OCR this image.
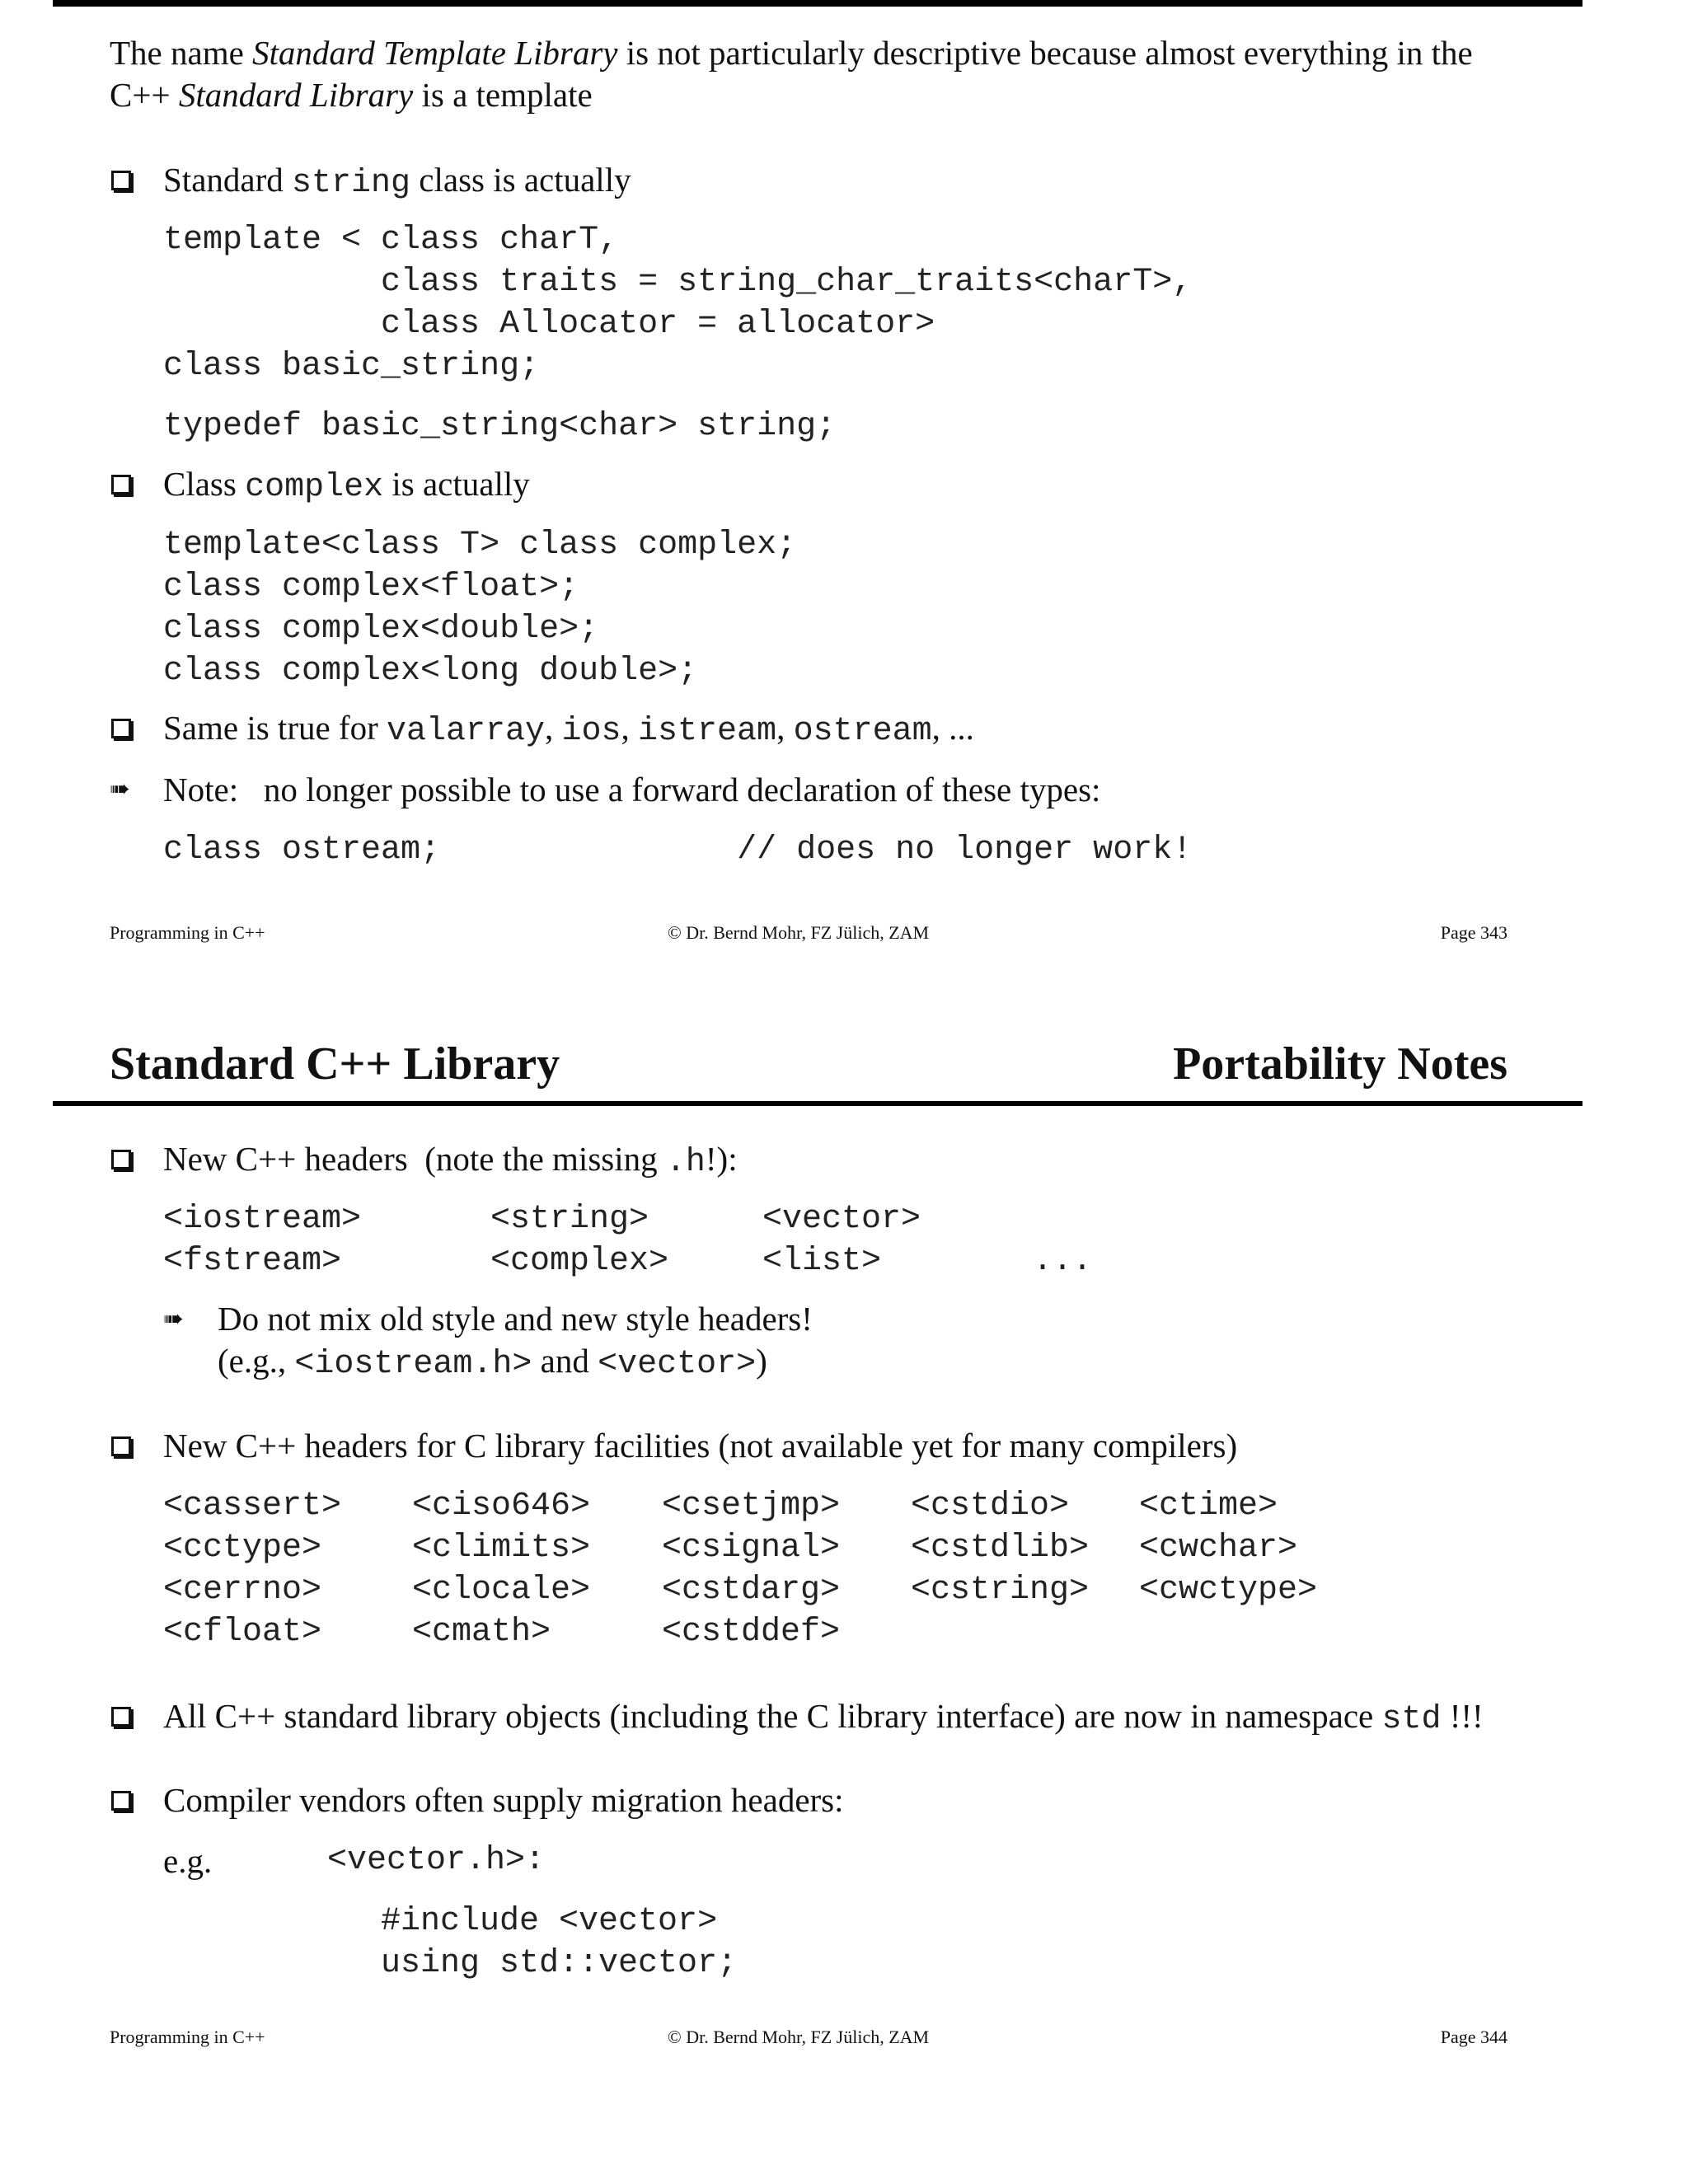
The name Standard Template Library is not particularly descriptive because almost everything in the
C++ Standard Library is a template
Standard string class is actually
template < class charT,
class traits = string_char_traits<charT>,
class Allocator = allocator>
class basic_string;
typedef basic_string<char> string;
Class complex is actually
template<class T> class complex;
class complex<float>;
class complex<double>;
class complex<long double>;
Same is true for valarray, ios, istream, ostream, ...
➠ Note:   no longer possible to use a forward declaration of these types:
class ostream;               // does no longer work!
Programming in C++	© Dr. Bernd Mohr, FZ Jülich, ZAM	Page 343
Standard C++ Library	Portability Notes
New C++ headers  (note the missing .h!):
<iostream>	<string>	<vector>
<fstream>	<complex>	<list>	...
➠ Do not mix old style and new style headers!
(e.g., <iostream.h> and <vector>)
New C++ headers for C library facilities (not available yet for many compilers)
<cassert> <ciso646> <csetjmp> <cstdio> <ctime>
<cctype>	<climits> <csignal> <cstdlib> <cwchar>
<cerrno>	<clocale> <cstdarg> <cstring> <cwctype>
<cfloat>	<cmath>	<cstddef>
All C++ standard library objects (including the C library interface) are now in namespace std !!!
Compiler vendors often supply migration headers:
e.g.	<vector.h>:
#include <vector>
using std::vector;
Programming in C++	© Dr. Bernd Mohr, FZ Jülich, ZAM	Page 344
